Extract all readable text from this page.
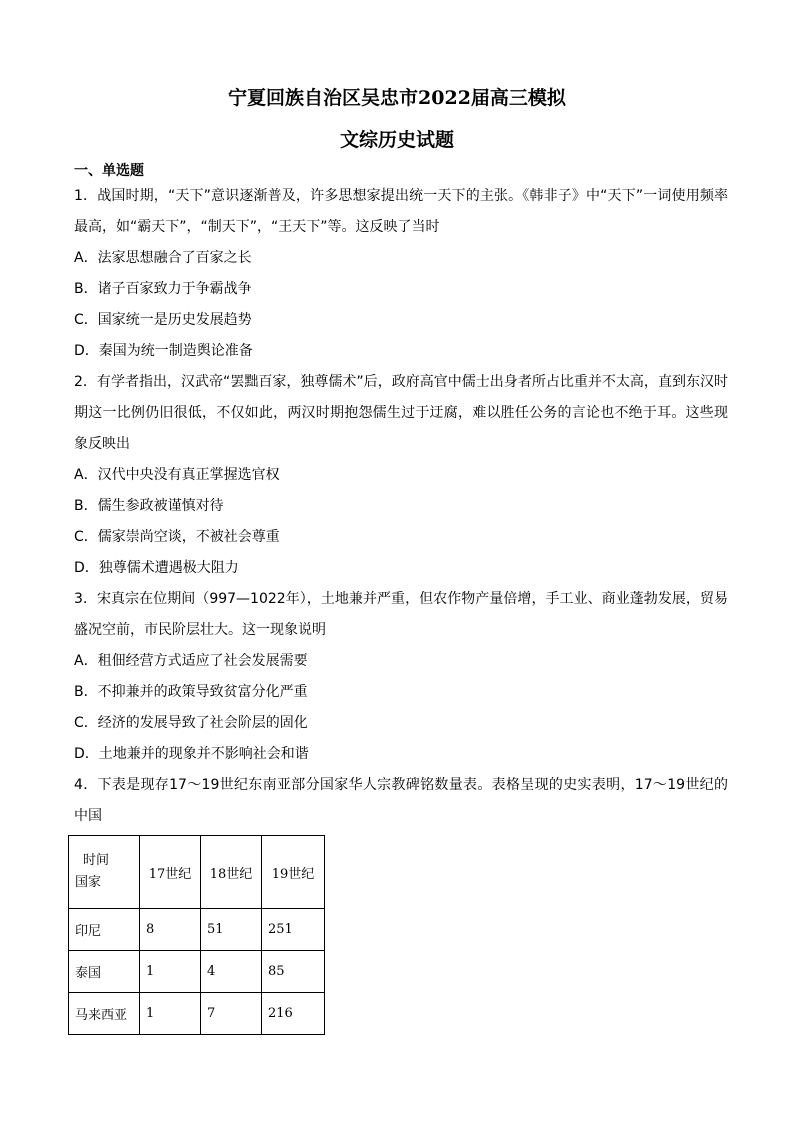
宁夏回族自治区吴忠市2022届高三模拟
文综历史试题
一、单选题
1．战国时期，“天下”意识逐渐普及，许多思想家提出统一天下的主张。《韩非子》中“天下”一词使用频率最高，如“霸天下”，“制天下”，“王天下”等。这反映了当时
A．法家思想融合了百家之长
B．诸子百家致力于争霸战争
C．国家统一是历史发展趋势
D．秦国为统一制造舆论准备
2．有学者指出，汉武帝“罢黜百家，独尊儒术”后，政府高官中儒士出身者所占比重并不太高，直到东汉时期这一比例仍旧很低，不仅如此，两汉时期抱怨儒生过于迂腐，难以胜任公务的言论也不绝于耳。这些现象反映出
A．汉代中央没有真正掌握选官权
B．儒生参政被谨慎对待
C．儒家崇尚空谈，不被社会尊重
D．独尊儒术遭遇极大阻力
3．宋真宗在位期间（997—1022年），土地兼并严重，但农作物产量倍增，手工业、商业蓬勃发展，贸易盛况空前，市民阶层壮大。这一现象说明
A．租佃经营方式适应了社会发展需要
B．不抑兼并的政策导致贫富分化严重
C．经济的发展导致了社会阶层的固化
D．土地兼并的现象并不影响社会和谐
4．下表是现存17～19世纪东南亚部分国家华人宗教碑铭数量表。表格呈现的史实表明，17～19世纪的中国
时间
国家	17世纪	18世纪	19世纪
印尼	8	51	251
泰国	1	4	85
马来西亚	1	7	216
